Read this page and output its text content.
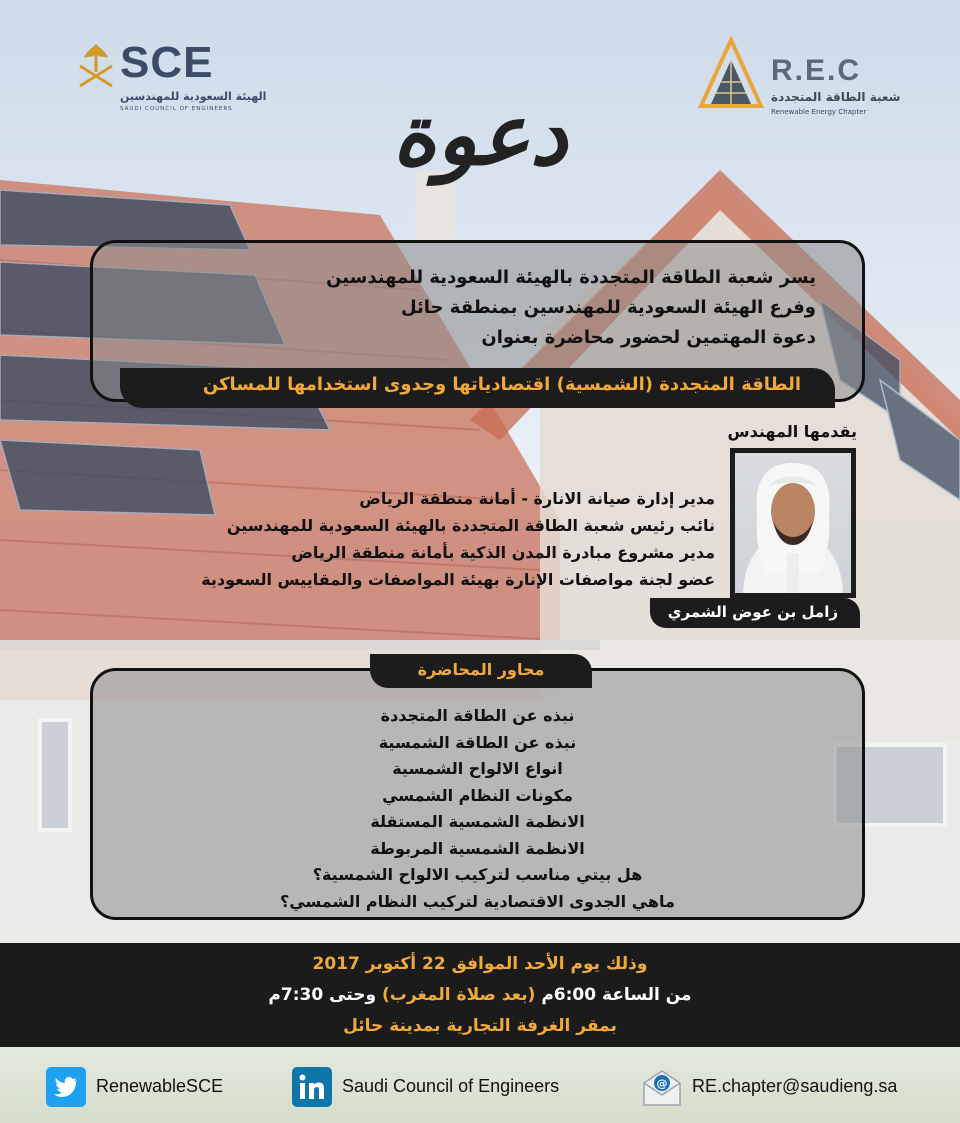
SCE
الهيئة السعودية للمهندسين
SAUDI COUNCIL OF ENGINEERS
R.E.C
شعبة الطاقة المتجددة
Renewable Energy Chapter
دعوة
يسر شعبة الطاقة المتجددة بالهيئة السعودية للمهندسين
وفرع الهيئة السعودية للمهندسين بمنطقة حائل
دعوة المهتمين لحضور محاضرة بعنوان
الطاقة المتجددة (الشمسية) اقتصادياتها وجدوى استخدامها للمساكن
يقدمها المهندس
زامل بن عوض الشمري
مدير إدارة صيانة الانارة - أمانة منطقة الرياض
نائب رئيس شعبة الطاقة المتجددة بالهيئة السعودية للمهندسين
مدير مشروع مبادرة المدن الذكية بأمانة منطقة الرياض
عضو لجنة مواصفات الإنارة بهيئة المواصفات والمقاييس السعودية
محاور المحاضرة
نبذه عن الطاقة المتجددة
نبذه عن الطاقة الشمسية
انواع الالواح الشمسية
مكونات النظام الشمسي
الانظمة الشمسية المستقلة
الانظمة الشمسية المربوطة
هل بيتي مناسب لتركيب الالواح الشمسية؟
ماهي الجدوى الاقتصادية لتركيب النظام الشمسي؟
وذلك يوم الأحد الموافق 22 أكتوبر 2017
من الساعة 6:00م (بعد صلاة المغرب) وحتى 7:30م
بمقر الغرفة التجارية بمدينة حائل
RenewableSCE	Saudi Council of Engineers	@ RE.chapter@saudieng.sa
